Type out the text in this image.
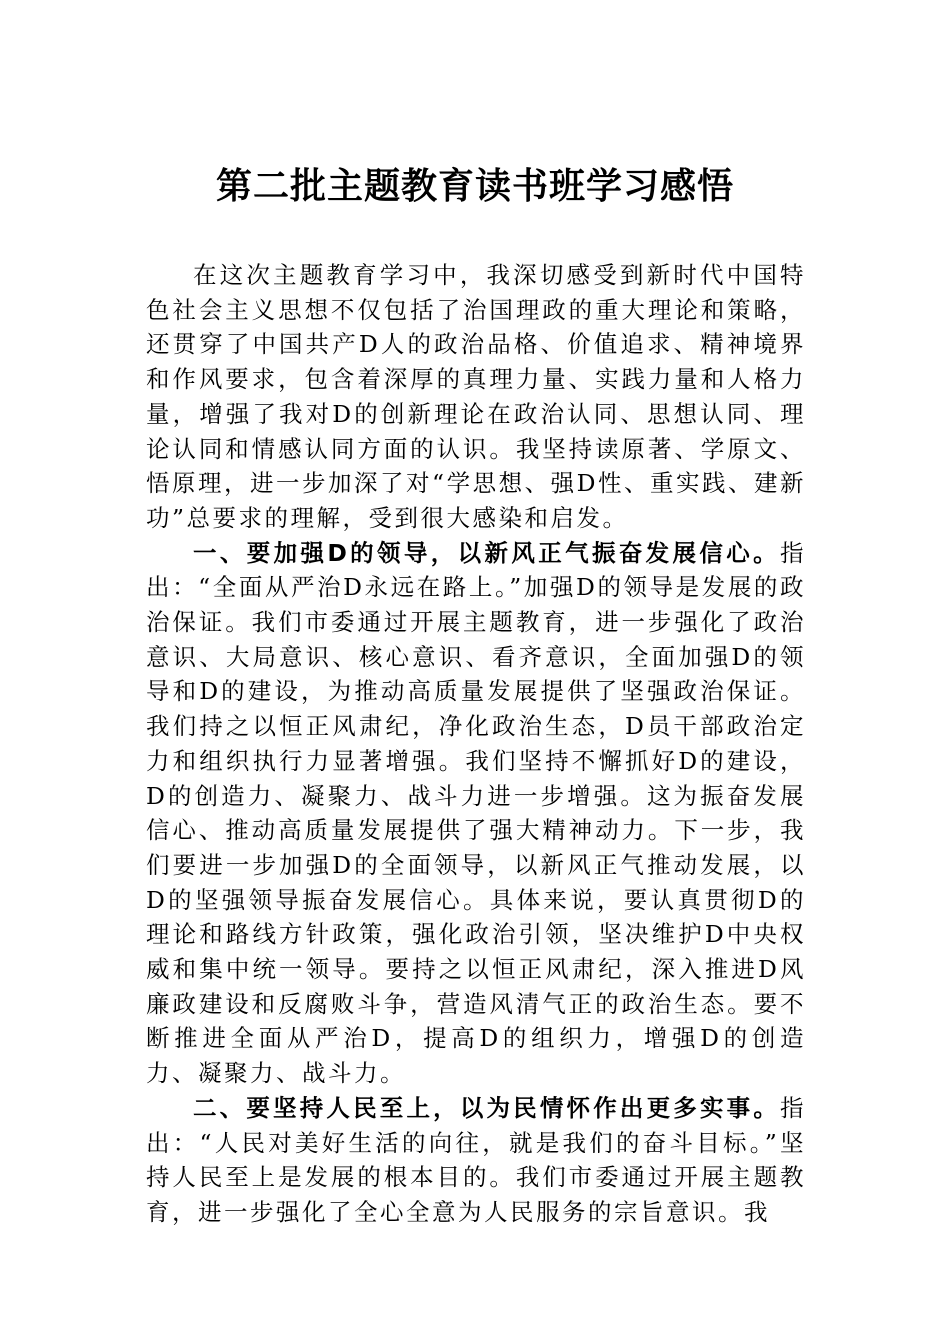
第二批主题教育读书班学习感悟

在这次主题教育学习中，我深切感受到新时代中国特色社会主义思想不仅包括了治国理政的重大理论和策略，还贯穿了中国共产D人的政治品格、价值追求、精神境界和作风要求，包含着深厚的真理力量、实践力量和人格力量，增强了我对D的创新理论在政治认同、思想认同、理论认同和情感认同方面的认识。我坚持读原著、学原文、悟原理，进一步加深了对“学思想、强D性、重实践、建新功”总要求的理解，受到很大感染和启发。

一、要加强D的领导，以新风正气振奋发展信心。指出：“全面从严治D永远在路上。”加强D的领导是发展的政治保证。我们市委通过开展主题教育，进一步强化了政治意识、大局意识、核心意识、看齐意识，全面加强D的领导和D的建设，为推动高质量发展提供了坚强政治保证。我们持之以恒正风肃纪，净化政治生态，D员干部政治定力和组织执行力显著增强。我们坚持不懈抓好D的建设，D的创造力、凝聚力、战斗力进一步增强。这为振奋发展信心、推动高质量发展提供了强大精神动力。下一步，我们要进一步加强D的全面领导，以新风正气推动发展，以D的坚强领导振奋发展信心。具体来说，要认真贯彻D的理论和路线方针政策，强化政治引领，坚决维护D中央权威和集中统一领导。要持之以恒正风肃纪，深入推进D风廉政建设和反腐败斗争，营造风清气正的政治生态。要不断推进全面从严治D，提高D的组织力，增强D的创造力、凝聚力、战斗力。

二、要坚持人民至上，以为民情怀作出更多实事。指出：“人民对美好生活的向往，就是我们的奋斗目标。”坚持人民至上是发展的根本目的。我们市委通过开展主题教育，进一步强化了全心全意为人民服务的宗旨意识。我
